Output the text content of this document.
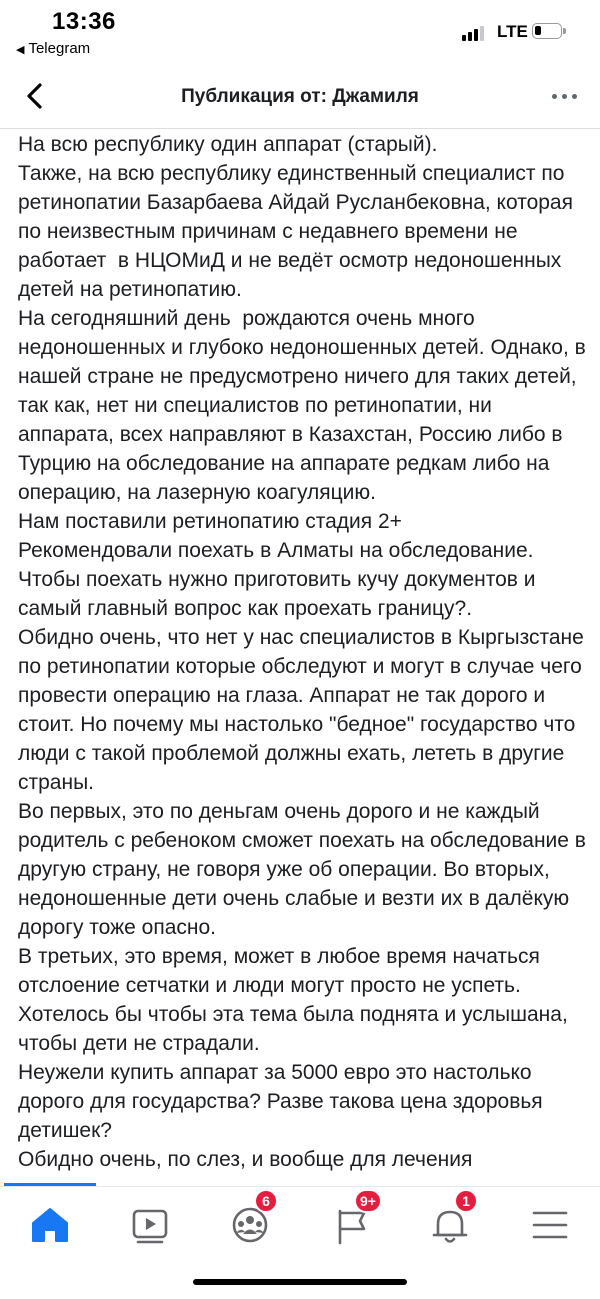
13:36
◀ Telegram
LTE
Публикация от: Джамиля

На всю республику один аппарат (старый).

Также, на всю республику единственный специалист по ретинопатии Базарбаева Айдай Русланбековна, которая по неизвестным причинам с недавнего времени не работает  в НЦОМиД и не ведёт осмотр недоношенных детей на ретинопатию.

На сегодняшний день  рождаются очень много недоношенных и глубоко недоношенных детей. Однако, в нашей стране не предусмотрено ничего для таких детей, так как, нет ни специалистов по ретинопатии, ни аппарата, всех направляют в Казахстан, Россию либо в Турцию на обследование на аппарате редкам либо на операцию, на лазерную коагуляцию.

Нам поставили ретинопатию стадия 2+

Рекомендовали поехать в Алматы на обследование. Чтобы поехать нужно приготовить кучу документов и самый главный вопрос как проехать границу?.

Обидно очень, что нет у нас специалистов в Кыргызстане по ретинопатии которые обследуют и могут в случае чего провести операцию на глаза. Аппарат не так дорого и стоит. Но почему мы настолько "бедное" государство что люди с такой проблемой должны ехать, лететь в другие страны.

Во первых, это по деньгам очень дорого и не каждый родитель с ребеноком сможет поехать на обследование в другую страну, не говоря уже об операции. Во вторых, недоношенные дети очень слабые и везти их в далёкую дорогу тоже опасно.

В третьих, это время, может в любое время начаться отслоение сетчатки и люди могут просто не успеть.

Хотелось бы чтобы эта тема была поднята и услышана, чтобы дети не страдали.

Неужели купить аппарат за 5000 евро это настолько дорого для государства? Разве такова цена здоровья детишек?

Обидно очень, по слез, и вообще для лечения

6	9+	1
